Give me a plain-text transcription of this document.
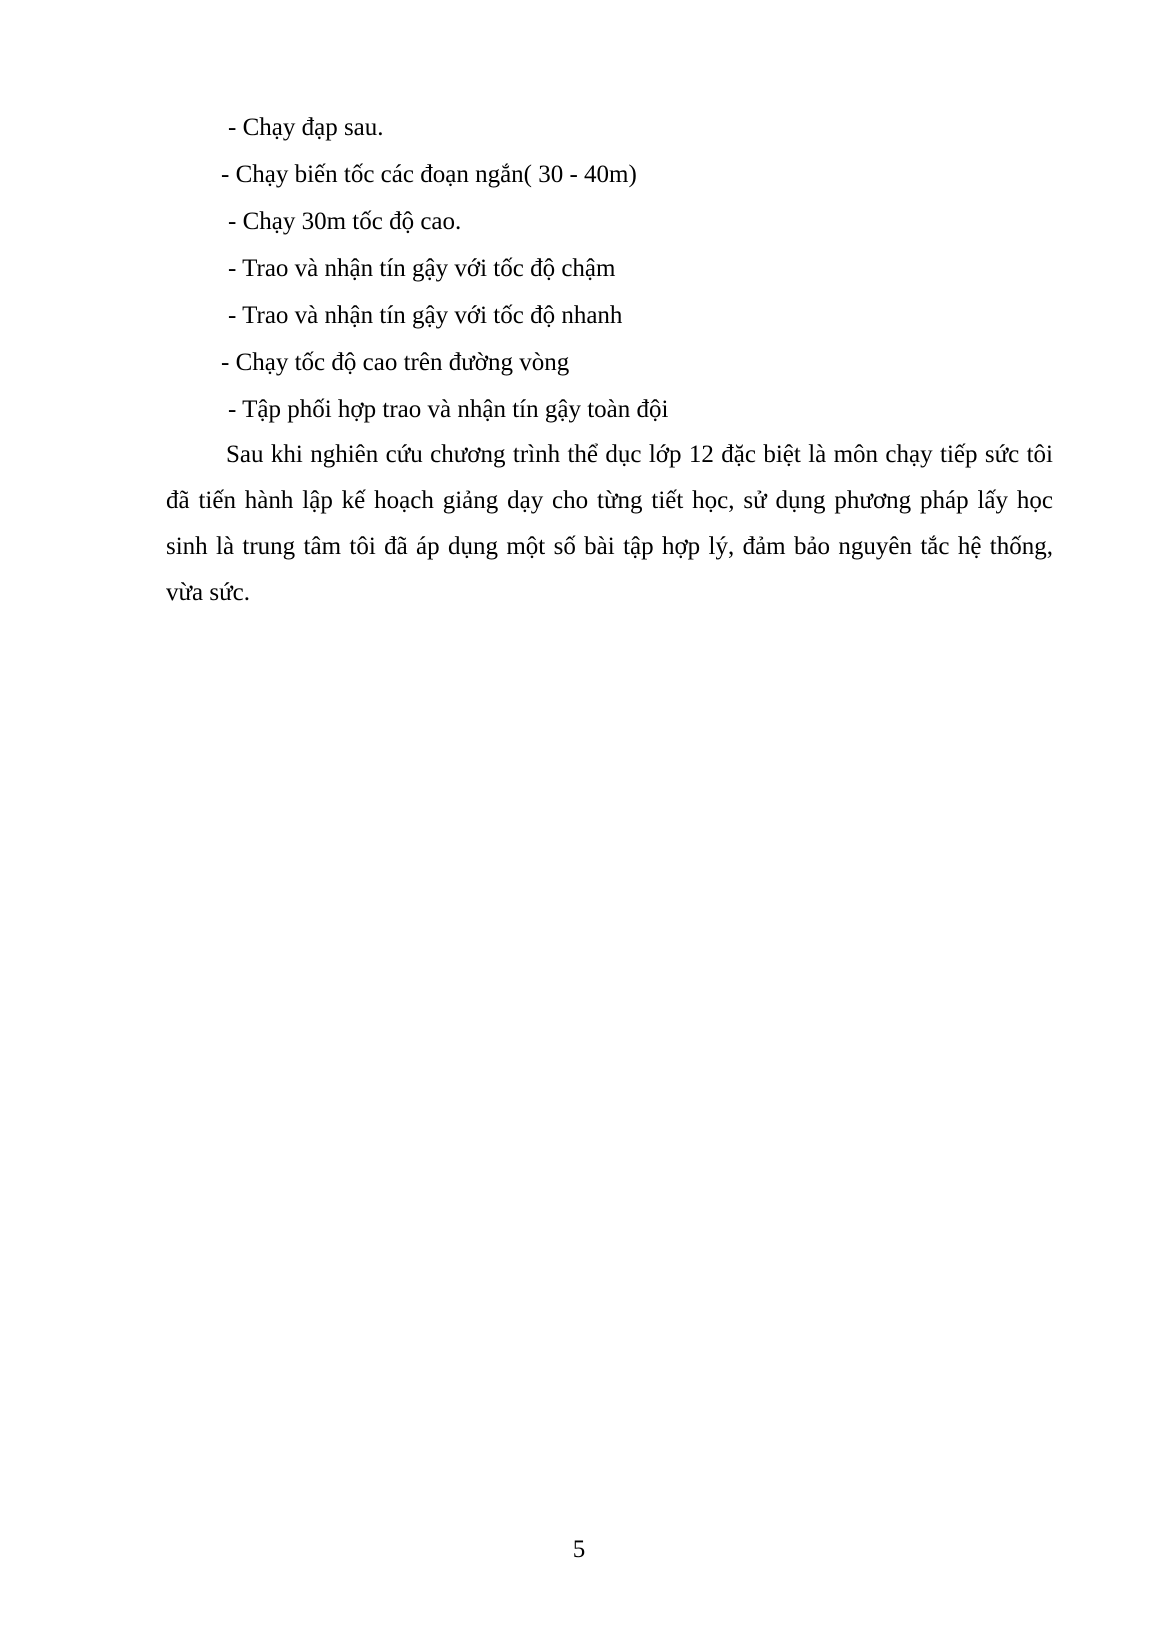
- Chạy đạp sau.
- Chạy biến tốc các đoạn ngắn( 30 - 40m)
- Chạy 30m tốc độ cao.
- Trao và nhận tín gậy với tốc độ chậm
- Trao và nhận tín gậy với tốc độ nhanh
- Chạy tốc độ cao trên đường vòng
- Tập phối hợp trao và nhận tín gậy toàn đội

Sau khi nghiên cứu chương trình thể dục lớp 12 đặc biệt là môn chạy tiếp sức tôi đã tiến hành lập kế hoạch giảng dạy cho từng tiết học, sử dụng phương pháp lấy học sinh là trung tâm tôi đã áp dụng một số bài tập hợp lý, đảm bảo nguyên tắc hệ thống, vừa sức.

5
